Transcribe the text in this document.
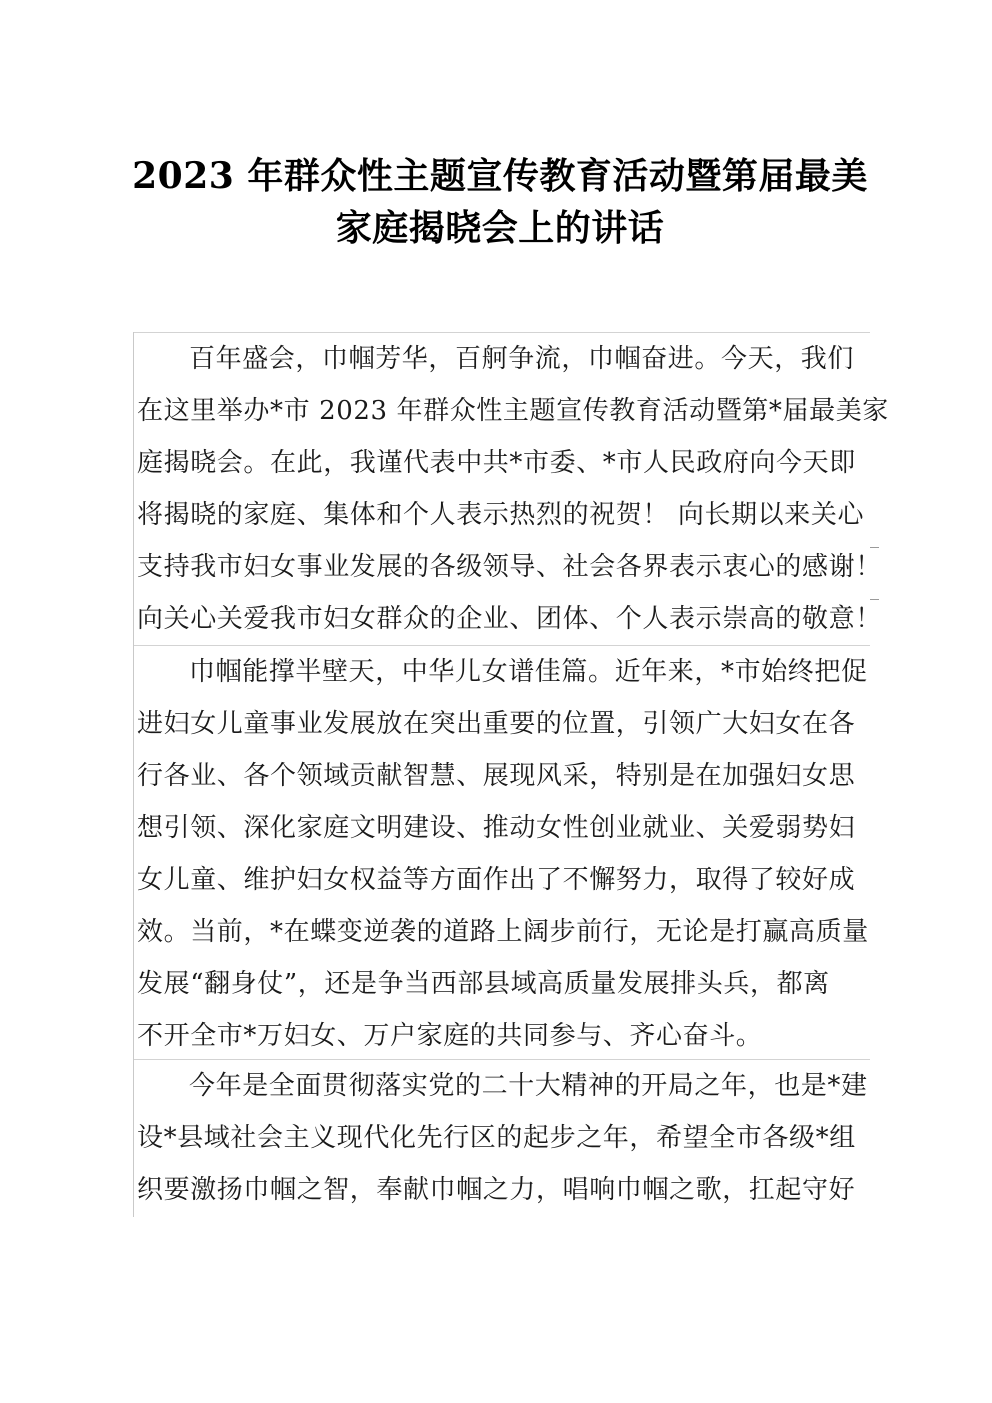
2023 年群众性主题宣传教育活动暨第届最美
家庭揭晓会上的讲话
百年盛会，巾帼芳华，百舸争流，巾帼奋进。今天，我们
在这里举办*市 2023 年群众性主题宣传教育活动暨第*届最美家
庭揭晓会。在此，我谨代表中共*市委、*市人民政府向今天即
将揭晓的家庭、集体和个人表示热烈的祝贺！ 向长期以来关心
支持我市妇女事业发展的各级领导、社会各界表示衷心的感谢！
向关心关爱我市妇女群众的企业、团体、个人表示崇高的敬意！
巾帼能撑半壁天，中华儿女谱佳篇。近年来，*市始终把促
进妇女儿童事业发展放在突出重要的位置，引领广大妇女在各
行各业、各个领域贡献智慧、展现风采，特别是在加强妇女思
想引领、深化家庭文明建设、推动女性创业就业、关爱弱势妇
女儿童、维护妇女权益等方面作出了不懈努力，取得了较好成
效。当前，*在蝶变逆袭的道路上阔步前行，无论是打赢高质量
发展“翻身仗”，还是争当西部县域高质量发展排头兵，都离
不开全市*万妇女、万户家庭的共同参与、齐心奋斗。
今年是全面贯彻落实党的二十大精神的开局之年，也是*建
设*县域社会主义现代化先行区的起步之年，希望全市各级*组
织要激扬巾帼之智，奉献巾帼之力，唱响巾帼之歌，扛起守好
